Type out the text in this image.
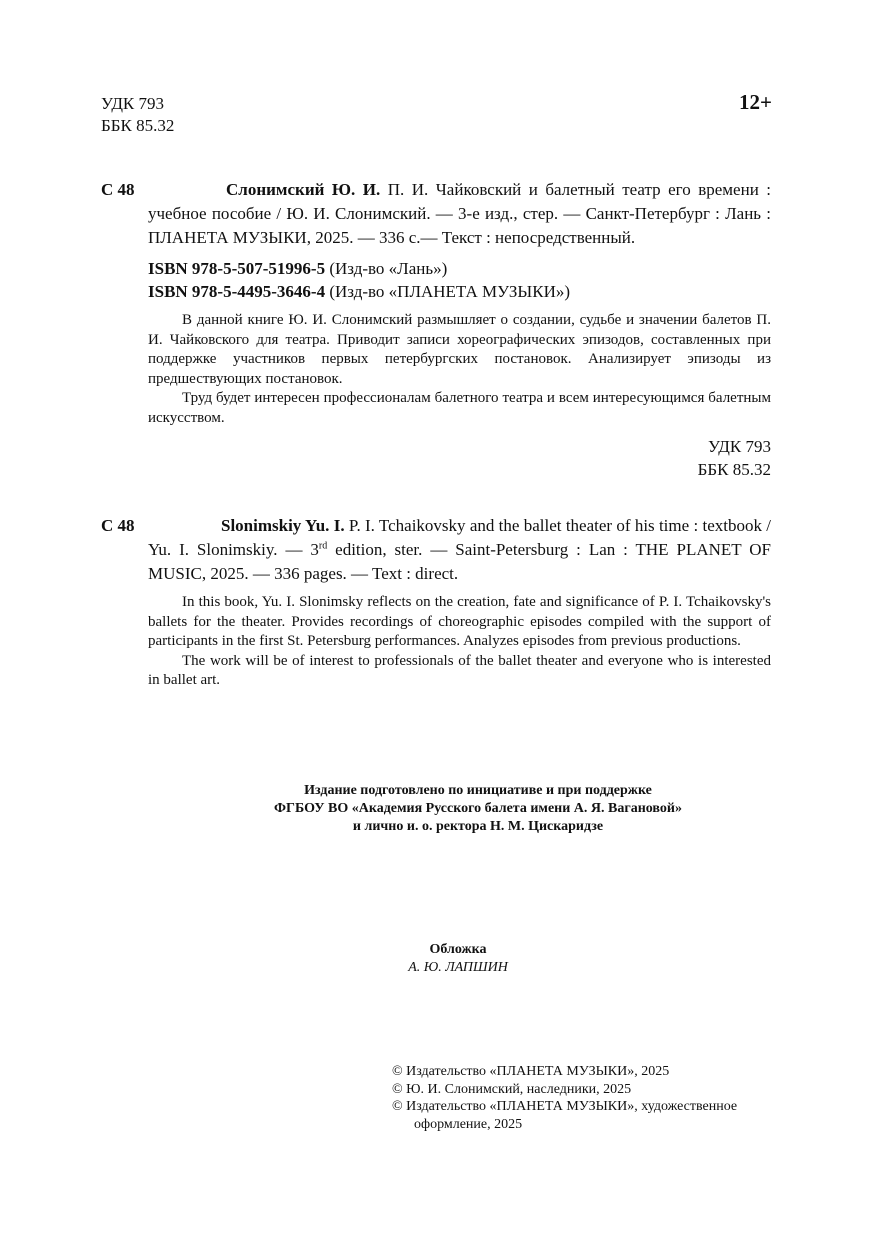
УДК 793
ББК 85.32
12+
С 48	Слонимский Ю. И. П. И. Чайковский и балетный театр его времени : учебное пособие / Ю. И. Слонимский. — 3-е изд., стер. — Санкт-Петербург : Лань : ПЛАНЕТА МУЗЫКИ, 2025. — 336 с.— Текст : непосредственный.
ISBN 978-5-507-51996-5 (Изд-во «Лань»)
ISBN 978-5-4495-3646-4 (Изд-во «ПЛАНЕТА МУЗЫКИ»)

В данной книге Ю. И. Слонимский размышляет о создании, судьбе и значении балетов П. И. Чайковского для театра. Приводит записи хореографических эпизодов, составленных при поддержке участников первых петербургских постановок. Анализирует эпизоды из предшествующих постановок.

Труд будет интересен профессионалам балетного театра и всем интересующимся балетным искусством.

УДК 793
ББК 85.32
С 48	Slonimskiy Yu. I. P. I. Tchaikovsky and the ballet theater of his time : textbook / Yu. I. Slonimskiy. — 3rd edition, ster. — Saint-Petersburg : Lan : THE PLANET OF MUSIC, 2025. — 336 pages. — Text : direct.

In this book, Yu. I. Slonimsky reflects on the creation, fate and significance of P. I. Tchaikovsky's ballets for the theater. Provides recordings of choreographic episodes compiled with the support of participants in the first St. Petersburg performances. Analyzes episodes from previous productions.

The work will be of interest to professionals of the ballet theater and everyone who is interested in ballet art.

Издание подготовлено по инициативе и при поддержке
ФГБОУ ВО «Академия Русского балета имени А. Я. Вагановой»
и лично и. о. ректора Н. М. Цискаридзе
Обложка
А. Ю. ЛАПШИН
© Издательство «ПЛАНЕТА МУЗЫКИ», 2025
© Ю. И. Слонимский, наследники, 2025
© Издательство «ПЛАНЕТА МУЗЫКИ», художественное
оформление, 2025
